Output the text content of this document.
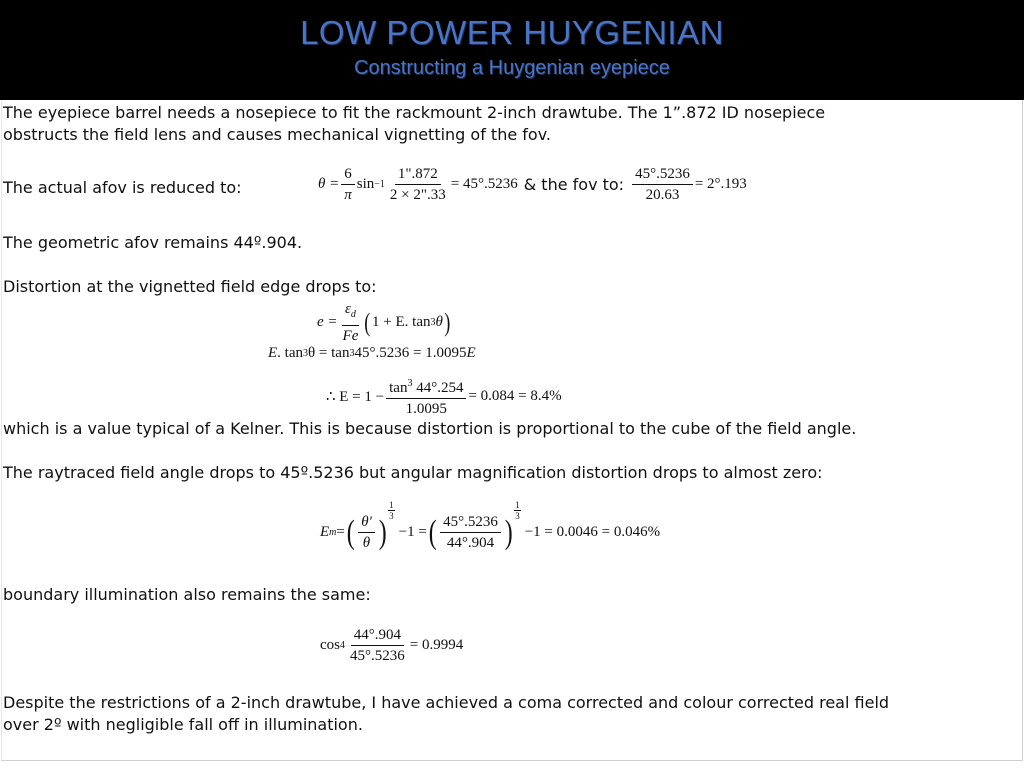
LOW POWER HUYGENIAN
Constructing a Huygenian eyepiece
The eyepiece barrel needs a nosepiece to fit the rackmount 2-inch drawtube. The 1”.872 ID nosepiece
obstructs the field lens and causes mechanical vignetting of the fov.
The actual afov is reduced to:	$\theta = \frac{6}{\pi}$ $\sin -1 \frac{1".872}{2 \times 2".33} = 45^\circ.5236$ & the fov to: $\frac{45^\circ.5236}{20.63} = 2^\circ.193$
The geometric afov remains 44º.904.
Distortion at the vignetted field edge drops to:
$e = \frac{\varepsilon_d}{Fe}$ ( 1 + E. tan 3 θ )
E . tan 3 θ = tan 3 45°.5236 = 1.0095 E
∴ $E = 1 - \frac{\tan^3 44^\circ.254}{1.0095} = 0.084 = 8.4\%$
which is a value typical of a Kelner. This is because distortion is proportional to the cube of the field angle.
The raytraced field angle drops to 45º.5236 but angular magnification distortion drops to almost zero:
E m = ( $\frac{\theta'}{\theta}$ )
$\frac{1}{3}$
−1 = ( $\frac{45^\circ.5236}{44^\circ.904}$ )
$\frac{1}{3}$
−1 = 0.0046 = 0.046%
boundary illumination also remains the same:
$\cos 4 \frac{44^\circ.904}{45^\circ.5236} = 0.9994$
Despite the restrictions of a 2-inch drawtube, I have achieved a coma corrected and colour corrected real field
over 2º with negligible fall off in illumination.
